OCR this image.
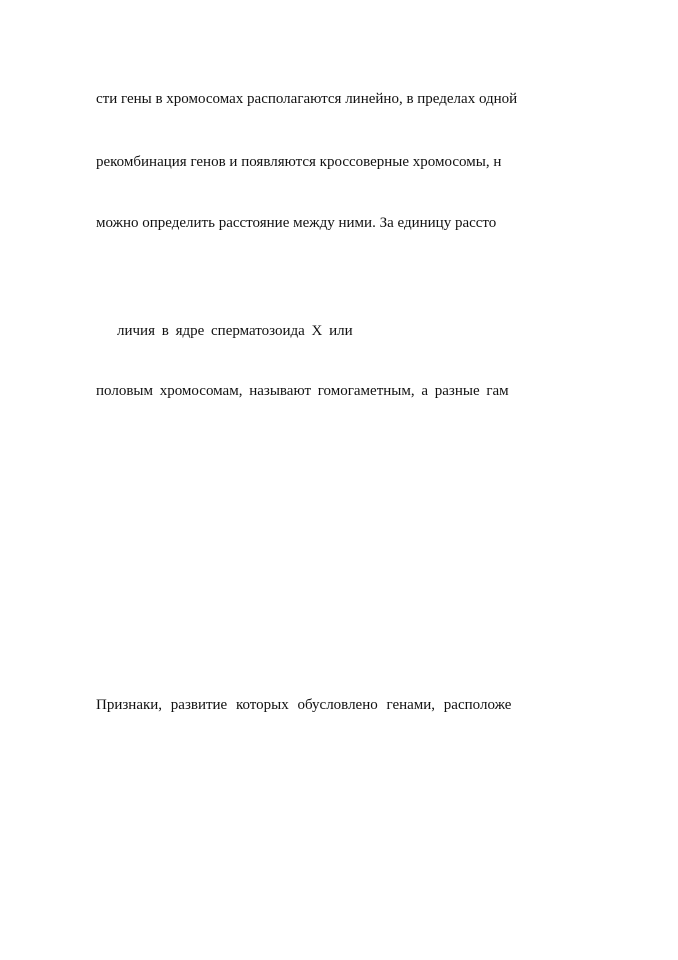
сти гены в хромосомах располагаются линейно, в пределах одной
рекомбинация генов и появляются кроссоверные хромосомы, н
можно определить расстояние между ними. За единицу рассто
личия в ядре сперматозоида X или
половым хромосомам, называют гомогаметным, а разные гам
Признаки, развитие которых обусловлено генами, расположе
